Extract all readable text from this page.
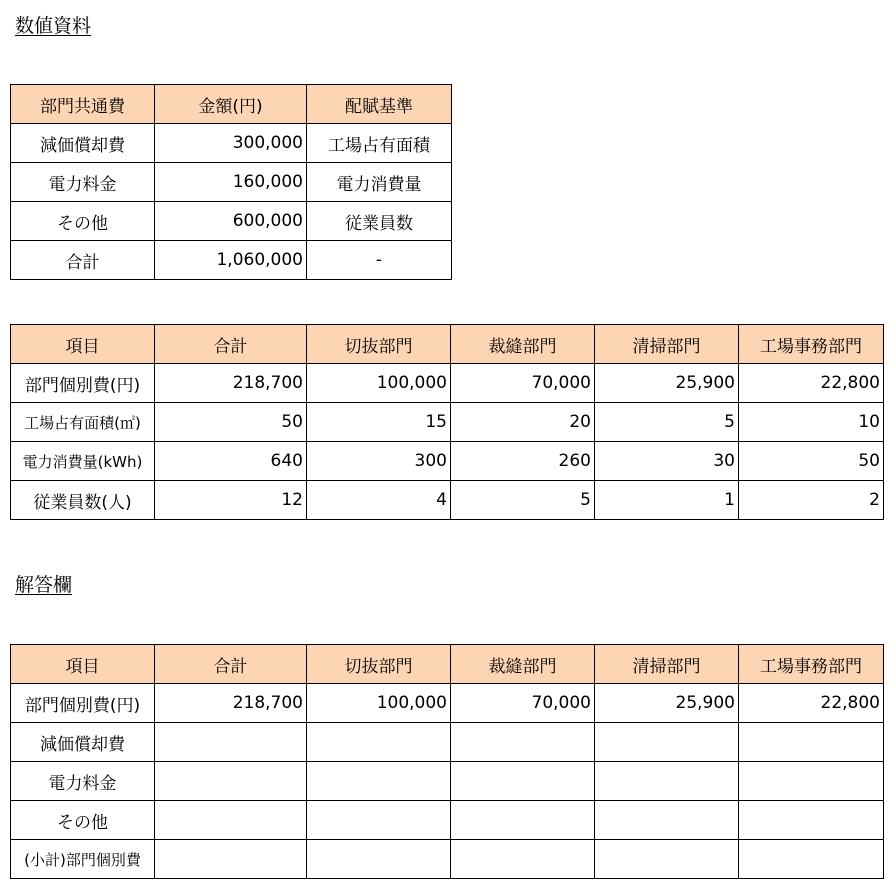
数値資料
部門共通費	金額(円)	配賦基準
減価償却費	300,000	工場占有面積
電力料金	160,000	電力消費量
その他	600,000	従業員数
合計	1,060,000	-
項目	合計	切抜部門	裁縫部門	清掃部門	工場事務部門
部門個別費(円)	218,700	100,000	70,000	25,900	22,800
工場占有面積(㎡)	50	15	20	5	10
電力消費量(kWh)	640	300	260	30	50
従業員数(人)	12	4	5	1	2
解答欄
項目	合計	切抜部門	裁縫部門	清掃部門	工場事務部門
部門個別費(円)	218,700	100,000	70,000	25,900	22,800
減価償却費					
電力料金					
その他					
(小計)部門個別費					
